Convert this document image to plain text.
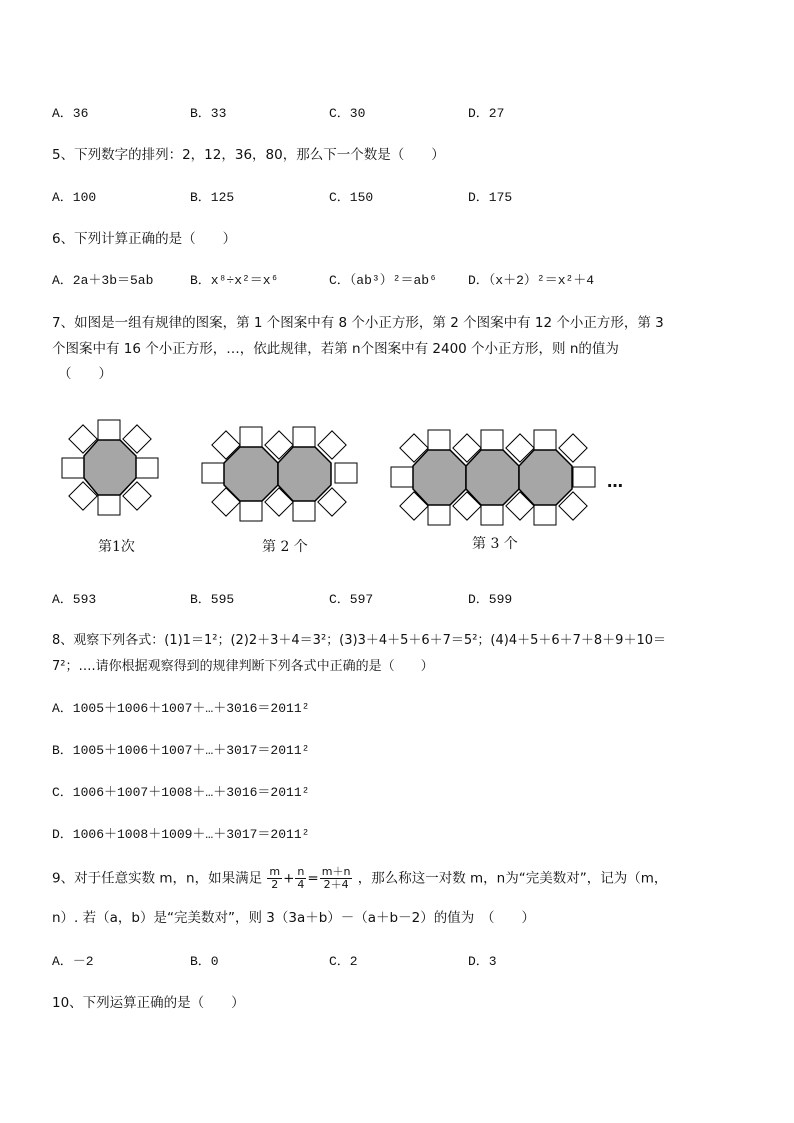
A．36	B．33	C．30	D．27
5、下列数字的排列：2，12，36，80，那么下一个数是（　　）
A．100	B．125	C．150	D．175
6、下列计算正确的是（　　）
A．2a＋3b＝5ab	B．x⁸÷x²＝x⁶	C．（ab³）²＝ab⁶ D．（x＋2）²＝x²＋4
7、如图是一组有规律的图案，第 1 个图案中有 8 个小正方形，第 2 个图案中有 12 个小正方形，第 3
个图案中有 16 个小正方形，…，依此规律，若第 n个图案中有 2400 个小正方形，则 n的值为
（　　）
…
第1次	第 2 个	第 3 个
A．593	B．595	C．597	D．599
8、观察下列各式：(1)1＝1²；(2)2＋3＋4＝3²；(3)3＋4＋5＋6＋7＝5²；(4)4＋5＋6＋7＋8＋9＋10＝
7²；….请你根据观察得到的规律判断下列各式中正确的是（　　）
A．1005＋1006＋1007＋…＋3016＝2011²
B．1005＋1006＋1007＋…＋3017＝2011²
C．1006＋1007＋1008＋…＋3016＝2011²
D．1006＋1008＋1009＋…＋3017＝2011²
9、对于任意实数 m，n，如果满足 $\frac{m}{2} + \frac{n}{4} = \frac{m+n}{2+4}$ ，那么称这一对数 m，n为“完美数对”，记为（m，
n）. 若（a，b）是“完美数对”，则 3（3a＋b）－（a＋b－2）的值为　（　　）
A．－2	B．0	C．2	D．3
10、下列运算正确的是（　　）
